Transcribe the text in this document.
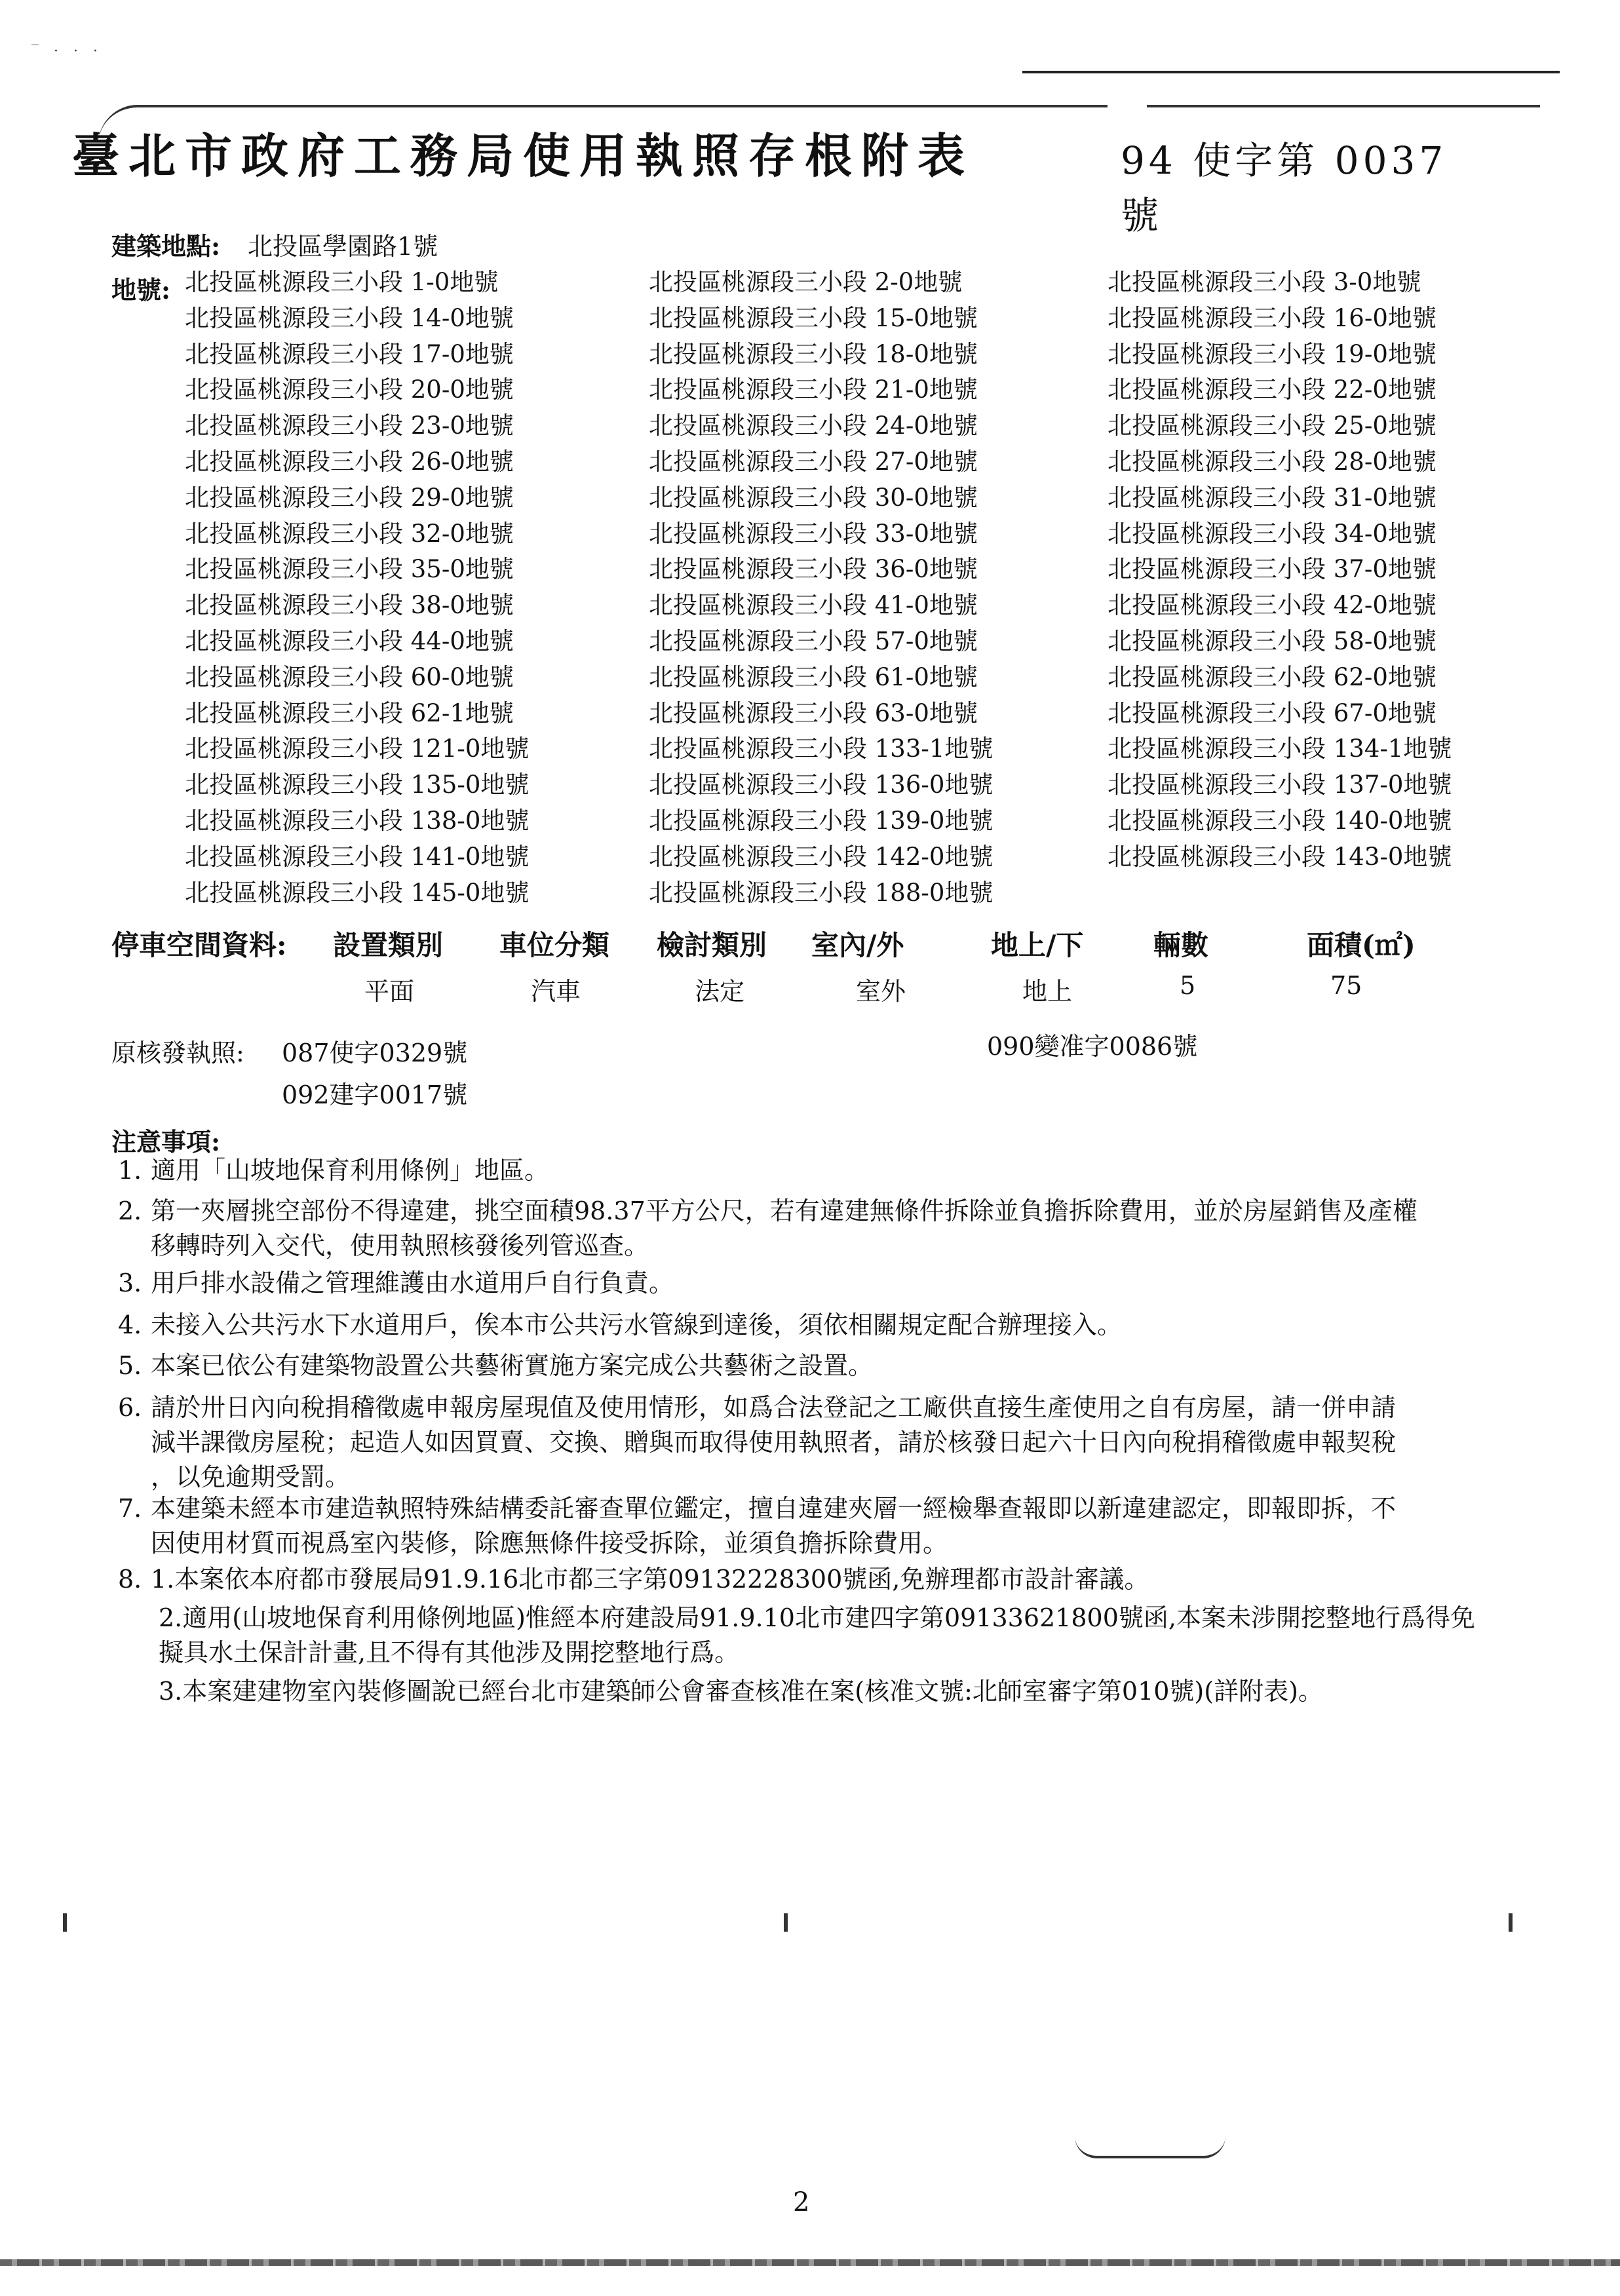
‾ · · ·
臺北市政府工務局使用執照存根附表	94 使字第 0037 號
建築地點: 北投區學園路1號
地號: 北投區桃源段三小段 1-0地號	北投區桃源段三小段 2-0地號	北投區桃源段三小段 3-0地號
北投區桃源段三小段 14-0地號	北投區桃源段三小段 15-0地號	北投區桃源段三小段 16-0地號
北投區桃源段三小段 17-0地號	北投區桃源段三小段 18-0地號	北投區桃源段三小段 19-0地號
北投區桃源段三小段 20-0地號	北投區桃源段三小段 21-0地號	北投區桃源段三小段 22-0地號
北投區桃源段三小段 23-0地號	北投區桃源段三小段 24-0地號	北投區桃源段三小段 25-0地號
北投區桃源段三小段 26-0地號	北投區桃源段三小段 27-0地號	北投區桃源段三小段 28-0地號
北投區桃源段三小段 29-0地號	北投區桃源段三小段 30-0地號	北投區桃源段三小段 31-0地號
北投區桃源段三小段 32-0地號	北投區桃源段三小段 33-0地號	北投區桃源段三小段 34-0地號
北投區桃源段三小段 35-0地號	北投區桃源段三小段 36-0地號	北投區桃源段三小段 37-0地號
北投區桃源段三小段 38-0地號	北投區桃源段三小段 41-0地號	北投區桃源段三小段 42-0地號
北投區桃源段三小段 44-0地號	北投區桃源段三小段 57-0地號	北投區桃源段三小段 58-0地號
北投區桃源段三小段 60-0地號	北投區桃源段三小段 61-0地號	北投區桃源段三小段 62-0地號
北投區桃源段三小段 62-1地號	北投區桃源段三小段 63-0地號	北投區桃源段三小段 67-0地號
北投區桃源段三小段 121-0地號	北投區桃源段三小段 133-1地號	北投區桃源段三小段 134-1地號
北投區桃源段三小段 135-0地號	北投區桃源段三小段 136-0地號	北投區桃源段三小段 137-0地號
北投區桃源段三小段 138-0地號	北投區桃源段三小段 139-0地號	北投區桃源段三小段 140-0地號
北投區桃源段三小段 141-0地號	北投區桃源段三小段 142-0地號	北投區桃源段三小段 143-0地號
北投區桃源段三小段 145-0地號	北投區桃源段三小段 188-0地號
停車空間資料: 設置類別 車位分類 檢討類別 室內/外	地上/下	輛數	面積(㎡)
平面	汽車	法定	室外	地上	5	75
原核發執照: 087使字0329號	090變准字0086號
092建字0017號
注意事項:
1. 適用「山坡地保育利用條例」地區。
2. 第一夾層挑空部份不得違建，挑空面積98.37平方公尺，若有違建無條件拆除並負擔拆除費用，並於房屋銷售及產權
移轉時列入交代，使用執照核發後列管巡查。
3. 用戶排水設備之管理維護由水道用戶自行負責。
4. 未接入公共污水下水道用戶，俟本市公共污水管線到達後，須依相關規定配合辦理接入。
5. 本案已依公有建築物設置公共藝術實施方案完成公共藝術之設置。
6. 請於卅日內向稅捐稽徵處申報房屋現值及使用情形，如爲合法登記之工廠供直接生產使用之自有房屋，請一併申請
減半課徵房屋稅；起造人如因買賣、交換、贈與而取得使用執照者，請於核發日起六十日內向稅捐稽徵處申報契稅
，以免逾期受罰。
7. 本建築未經本市建造執照特殊結構委託審查單位鑑定，擅自違建夾層一經檢舉查報即以新違建認定，即報即拆，不
因使用材質而視爲室內裝修，除應無條件接受拆除，並須負擔拆除費用。
8. 1.本案依本府都市發展局91.9.16北市都三字第09132228300號函,免辦理都市設計審議。
2.適用(山坡地保育利用條例地區)惟經本府建設局91.9.10北市建四字第09133621800號函,本案未涉開挖整地行爲得免
擬具水土保計計畫,且不得有其他涉及開挖整地行爲。
3.本案建建物室內裝修圖說已經台北市建築師公會審查核准在案(核准文號:北師室審字第010號)(詳附表)。
2
